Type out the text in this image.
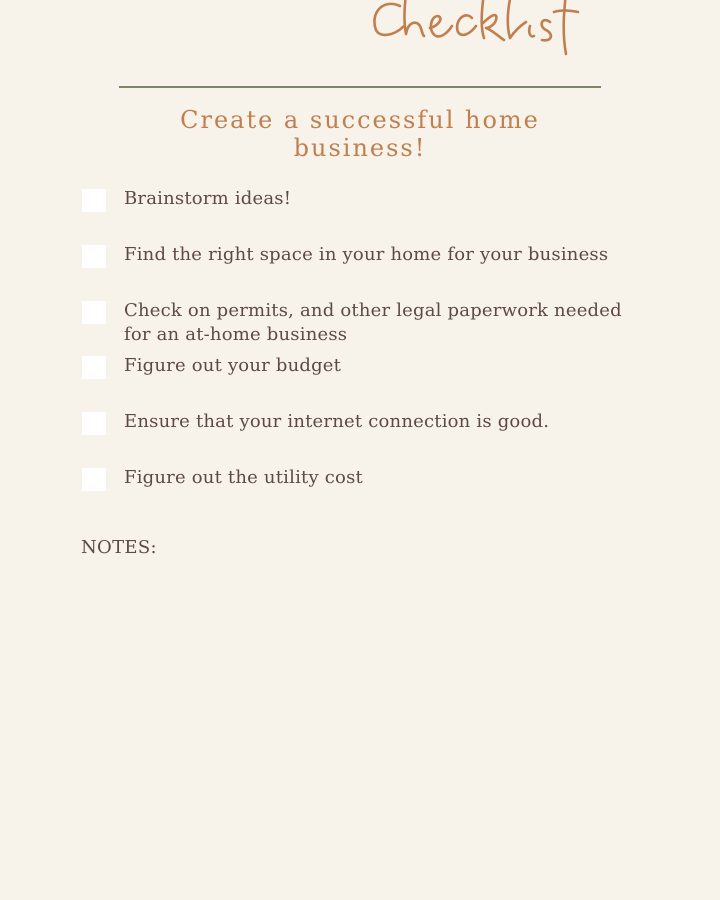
Create a successful home business!
Brainstorm ideas!
Find the right space in your home for your business
Check on permits, and other legal paperwork needed for an at-home business
Figure out your budget
Ensure that your internet connection is good.
Figure out the utility cost
NOTES:
